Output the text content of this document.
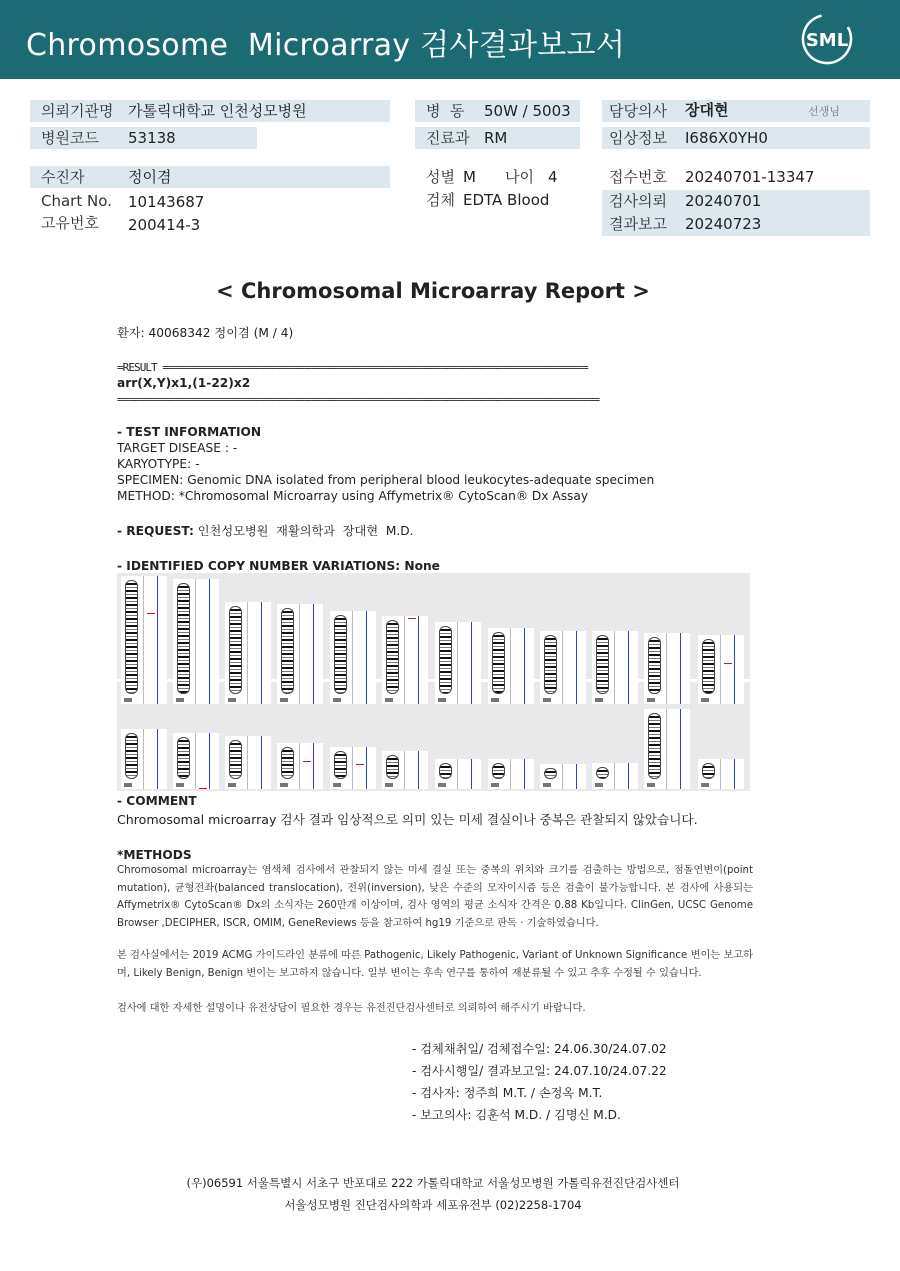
Chromosome  Microarray 검사결과보고서	SML
의뢰기관명 가톨릭대학교 인천성모병원
병원코드 53138
병  동 50W / 5003
진료과 RM
담당의사 장대현	선생님
임상정보 I686X0YH0
수진자	정이겸
Chart No. 10143687
고유번호 200414-3
성별 M 나이 4
검체 EDTA Blood
접수번호 20240701-13347
검사의뢰 20240701
결과보고 20240723
< Chromosomal Microarray Report >
환자: 40068342 정이겸 (M / 4)
=RESULT ===========================================================================
arr(X,Y)x1,(1-22)x2
=====================================================================================
- TEST INFORMATION
TARGET DISEASE : -
KARYOTYPE: -
SPECIMEN: Genomic DNA isolated from peripheral blood leukocytes-adequate specimen
METHOD: *Chromosomal Microarray using Affymetrix® CytoScan® Dx Assay
- REQUEST: 인천성모병원  재활의학과  장대현  M.D.
- IDENTIFIED COPY NUMBER VARIATIONS: None
- COMMENT
Chromosomal microarray 검사 결과 임상적으로 의미 있는 미세 결실이나 중복은 관찰되지 않았습니다.
*METHODS
Chromosomal microarray는 염색체 검사에서 관찰되지 않는 미세 결실 또는 중복의 위치와 크기를 검출하는 방법으로, 점돌연변이(point mutation), 균형전좌(balanced translocation), 전위(inversion), 낮은 수준의 모자이시즘 등은 검출이 불가능합니다. 본 검사에 사용되는 Affymetrix® CytoScan® Dx의 소식자는 260만개 이상이며, 검사 영역의 평균 소식자 간격은 0.88 Kb입니다. ClinGen, UCSC Genome Browser ,DECIPHER, ISCR, OMIM, GeneReviews 등을 참고하여 hg19 기준으로 판독 · 기술하였습니다.
본 검사실에서는 2019 ACMG 가이드라인 분류에 따른 Pathogenic, Likely Pathogenic, Variant of Unknown Significance 변이는 보고하며, Likely Benign, Benign 변이는 보고하지 않습니다. 일부 변이는 후속 연구를 통하여 재분류될 수 있고 추후 수정될 수 있습니다.
검사에 대한 자세한 설명이나 유전상담이 필요한 경우는 유전진단검사센터로 의뢰하여 해주시기 바랍니다.
- 검체채취일/ 검체접수일: 24.06.30/24.07.02
- 검사시행일/ 결과보고일: 24.07.10/24.07.22
- 검사자: 정주희 M.T. / 손정옥 M.T.
- 보고의사: 김훈석 M.D. / 김명신 M.D.
(우)06591 서울특별시 서초구 반포대로 222 가톨릭대학교 서울성모병원 가톨릭유전진단검사센터
서울성모병원 진단검사의학과 세포유전부 (02)2258-1704
